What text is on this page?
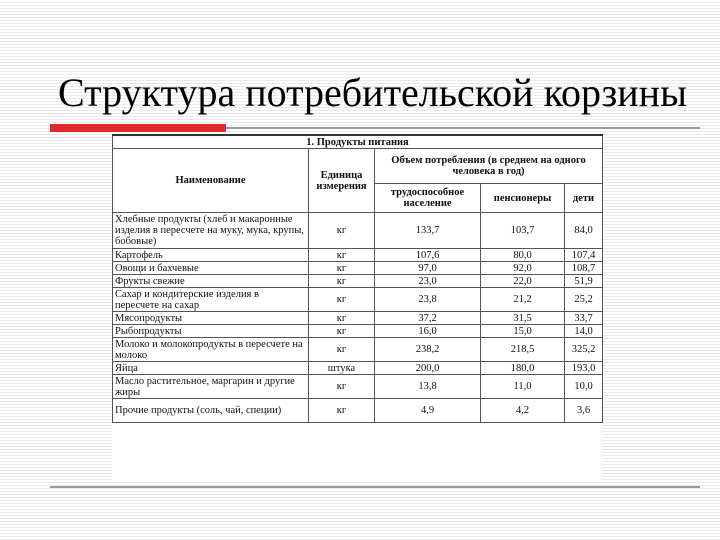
Структура потребительской корзины
1. Продукты питания				
Наименование	Единица измерения	Объем потребления (в среднем на одного человека в год)		
		трудоспособное население	пенсионеры	дети
Хлебные продукты (хлеб и макаронные изделия в пересчете на муку, мука, крупы, бобовые)	кг	133,7	103,7	84,0
Картофель	кг	107,6	80,0	107,4
Овощи и бахчевые	кг	97,0	92,0	108,7
Фрукты свежие	кг	23,0	22,0	51,9
Сахар и кондитерские изделия в пересчете на сахар	кг	23,8	21,2	25,2
Мясопродукты	кг	37,2	31,5	33,7
Рыбопродукты	кг	16,0	15,0	14,0
Молоко и молокопродукты в пересчете на молоко	кг	238,2	218,5	325,2
Яйца	штука	200,0	180,0	193,0
Масло растительное, маргарин и другие жиры	кг	13,8	11,0	10,0
Прочие продукты (соль, чай, специи)	кг	4,9	4,2	3,6
